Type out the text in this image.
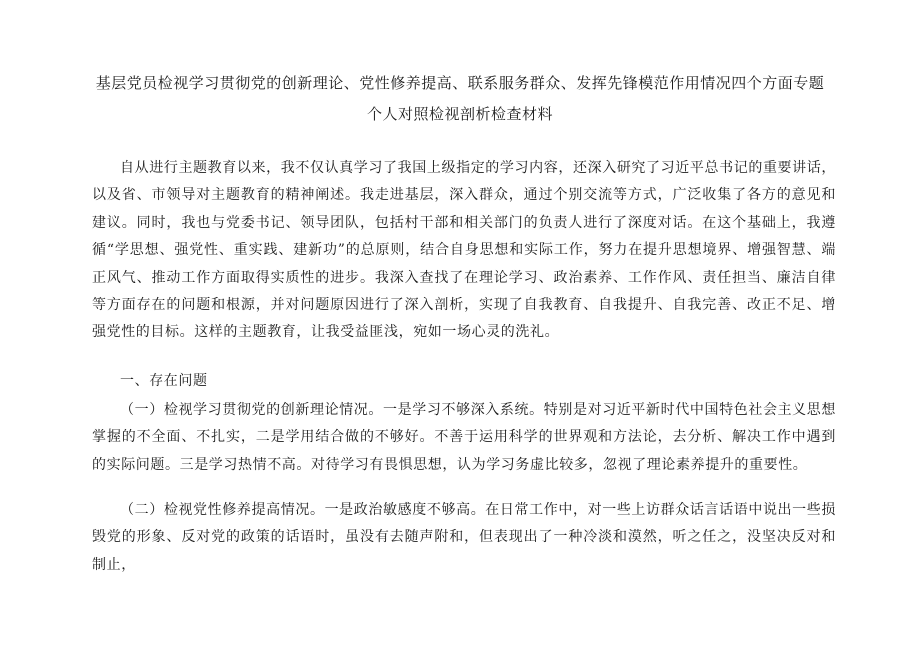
基层党员检视学习贯彻党的创新理论、党性修养提高、联系服务群众、发挥先锋模范作用情况四个方面专题
个人对照检视剖析检查材料

自从进行主题教育以来，我不仅认真学习了我国上级指定的学习内容，还深入研究了习近平总书记的重要讲话，以及省、市领导对主题教育的精神阐述。我走进基层，深入群众，通过个别交流等方式，广泛收集了各方的意见和建议。同时，我也与党委书记、领导团队，包括村干部和相关部门的负责人进行了深度对话。在这个基础上，我遵循“学思想、强党性、重实践、建新功”的总原则，结合自身思想和实际工作，努力在提升思想境界、增强智慧、端正风气、推动工作方面取得实质性的进步。我深入查找了在理论学习、政治素养、工作作风、责任担当、廉洁自律等方面存在的问题和根源，并对问题原因进行了深入剖析，实现了自我教育、自我提升、自我完善、改正不足、增强党性的目标。这样的主题教育，让我受益匪浅，宛如一场心灵的洗礼。

一、存在问题

（一）检视学习贯彻党的创新理论情况。一是学习不够深入系统。特别是对习近平新时代中国特色社会主义思想掌握的不全面、不扎实，二是学用结合做的不够好。不善于运用科学的世界观和方法论，去分析、解决工作中遇到的实际问题。三是学习热情不高。对待学习有畏惧思想，认为学习务虚比较多，忽视了理论素养提升的重要性。

（二）检视党性修养提高情况。一是政治敏感度不够高。在日常工作中，对一些上访群众话言话语中说出一些损毁党的形象、反对党的政策的话语时，虽没有去随声附和，但表现出了一种冷淡和漠然，听之任之，没坚决反对和制止，
